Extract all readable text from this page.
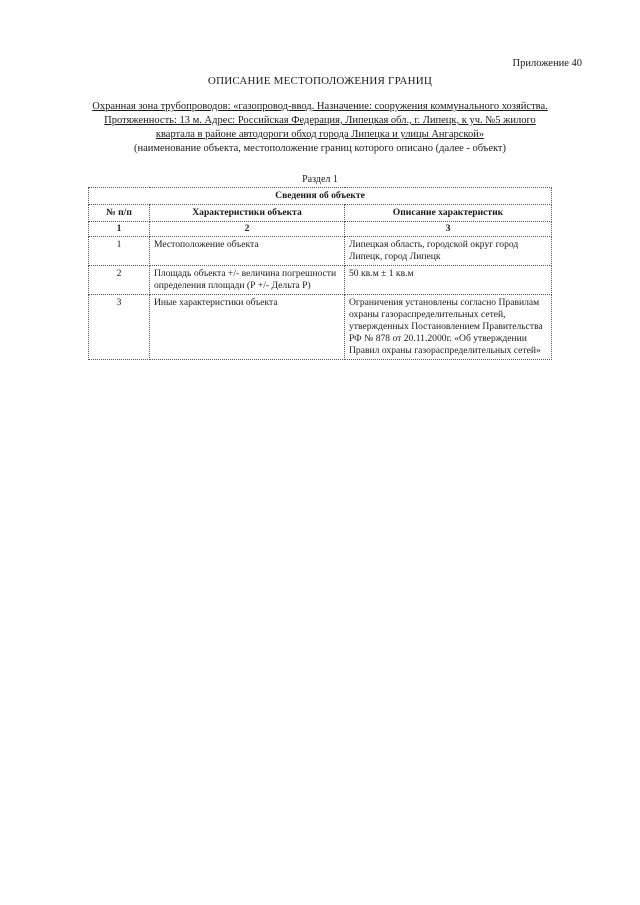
Приложение 40
ОПИСАНИЕ МЕСТОПОЛОЖЕНИЯ ГРАНИЦ
Охранная зона трубопроводов: «газопровод-ввод. Назначение: сооружения коммунального хозяйства. Протяженность: 13 м. Адрес: Российская Федерация, Липецкая обл., г. Липецк, к уч. №5 жилого квартала в районе автодороги обход города Липецка и улицы Ангарской»
(наименование объекта, местоположение границ которого описано (далее - объект)
Раздел 1
Сведения об объекте		
№ п/п	Характеристики объекта	Описание характеристик
1	2	3
1	Местоположение объекта	Липецкая область, городской округ город Липецк, город Липецк
2	Площадь объекта +/- величина погрешности определения площади (Р +/- Дельта Р)	50 кв.м ± 1 кв.м
3	Иные характеристики объекта	Ограничения установлены согласно Правилам охраны газораспределительных сетей, утвержденных Постановлением Правительства РФ № 878 от 20.11.2000г. «Об утверждении Правил охраны газораспределительных сетей»
